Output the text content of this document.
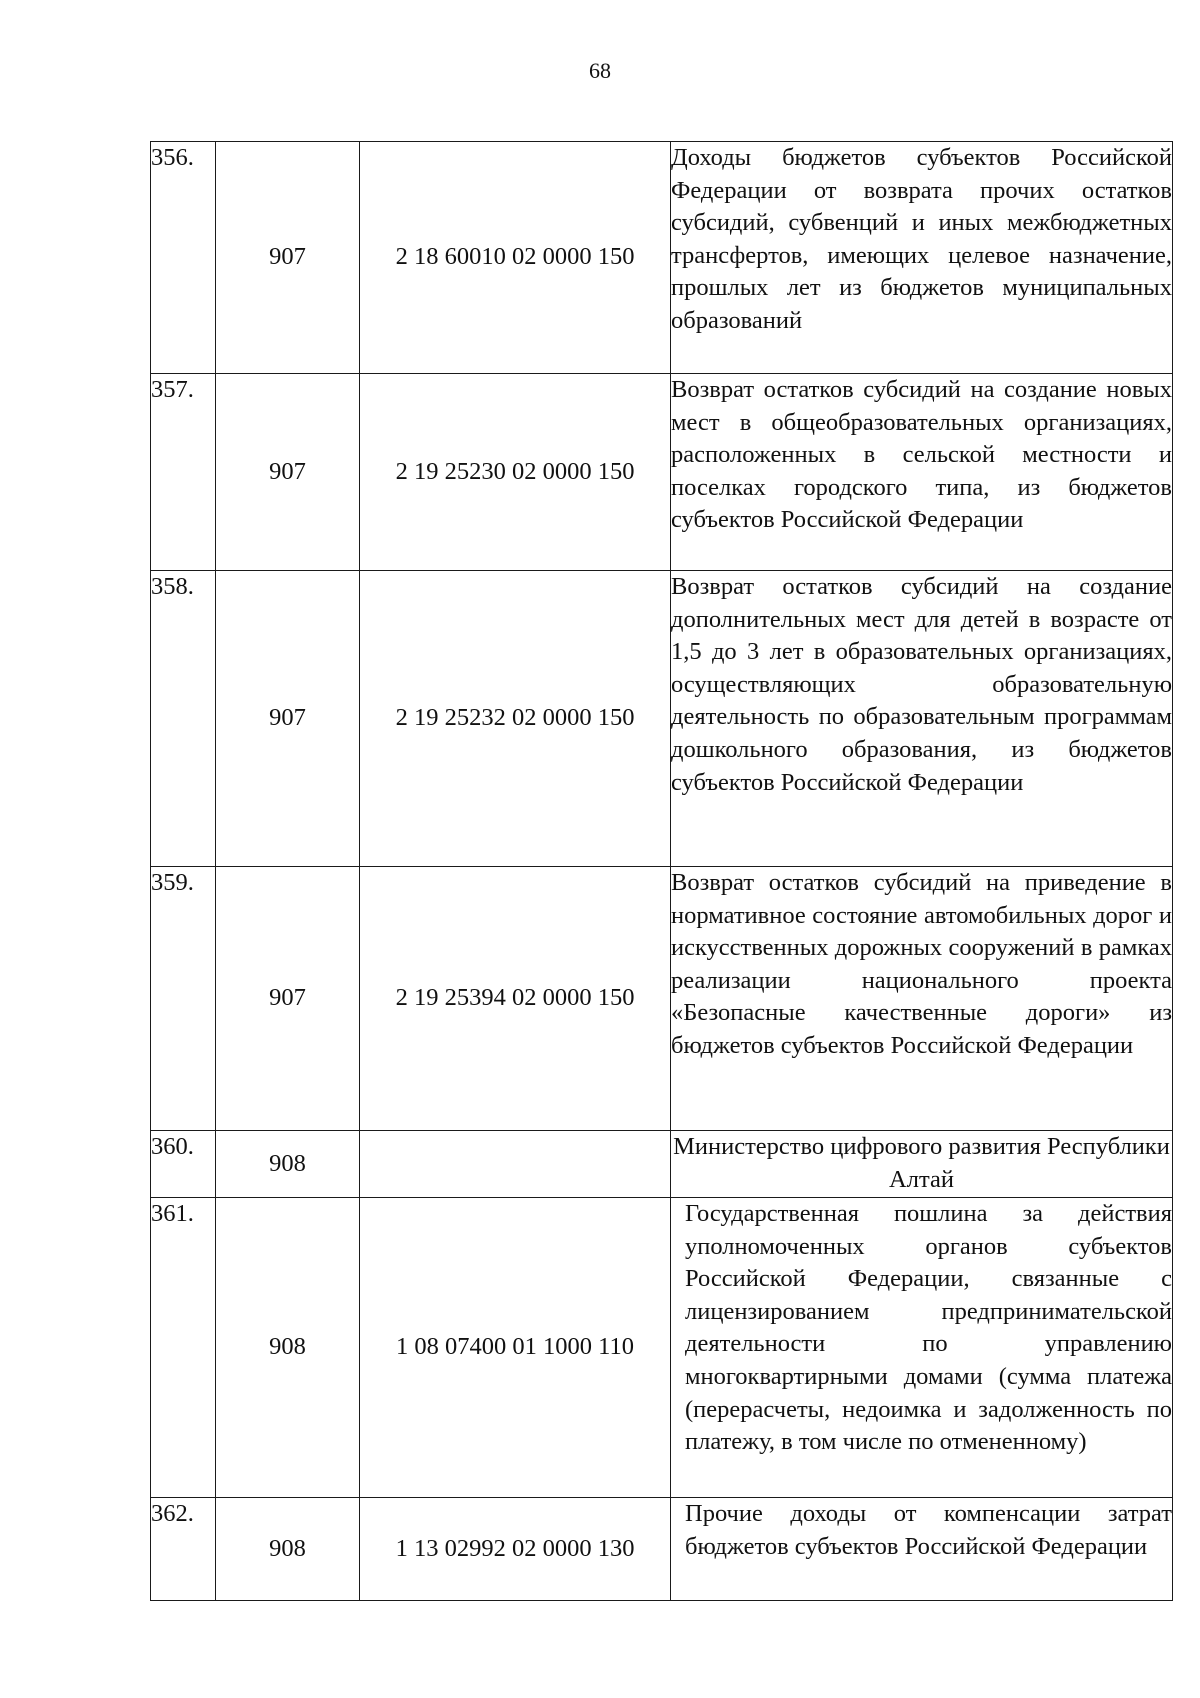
68
356.	907	2 18 60010 02 0000 150	Доходы бюджетов субъектов Российской Федерации от возврата прочих остатков субсидий, субвенций и иных межбюджетных трансфертов, имеющих целевое назначение, прошлых лет из бюджетов муниципальных образований
357.	907	2 19 25230 02 0000 150	Возврат остатков субсидий на создание новых мест в общеобразовательных организациях, расположенных в сельской местности и поселках городского типа, из бюджетов субъектов Российской Федерации
358.	907	2 19 25232 02 0000 150	Возврат остатков субсидий на создание дополнительных мест для детей в возрасте от 1,5 до 3 лет в образовательных организациях, осуществляющих образовательную деятельность по образовательным программам дошкольного образования, из бюджетов субъектов Российской Федерации
359.	907	2 19 25394 02 0000 150	Возврат остатков субсидий на приведение в нормативное состояние автомобильных дорог и искусственных дорожных сооружений в рамках реализации национального проекта «Безопасные качественные дороги» из бюджетов субъектов Российской Федерации
360.	908		Министерство цифрового развития Республики Алтай
361.	908	1 08 07400 01 1000 110	Государственная пошлина за действия уполномоченных органов субъектов Российской Федерации, связанные с лицензированием предпринимательской деятельности по управлению многоквартирными домами (сумма платежа (перерасчеты, недоимка и задолженность по платежу, в том числе по отмененному)
362.	908	1 13 02992 02 0000 130	Прочие доходы от компенсации затрат бюджетов субъектов Российской Федерации
